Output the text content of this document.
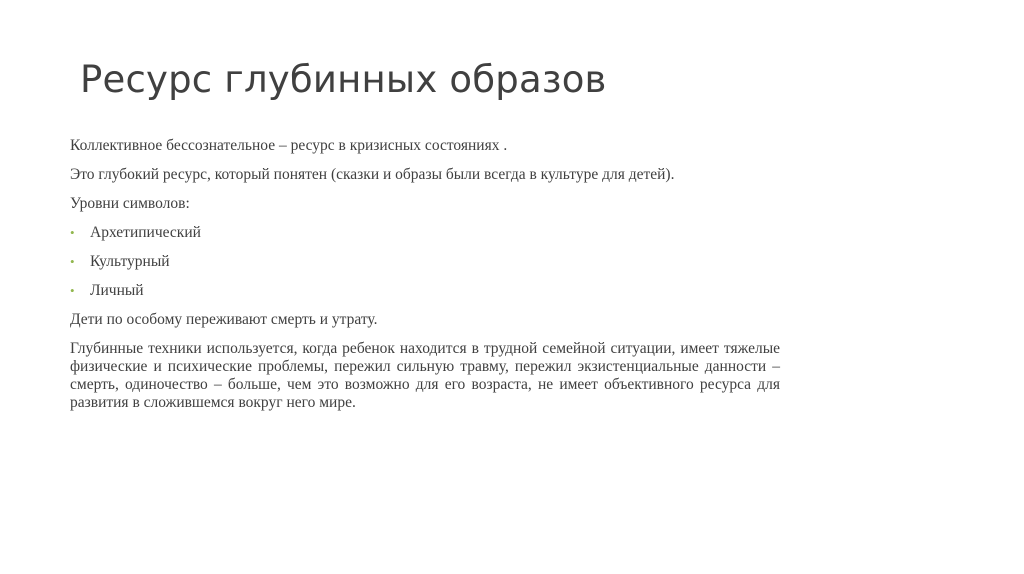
Ресурс глубинных образов

Коллективное бессознательное – ресурс в кризисных состояниях .

Это глубокий ресурс, который понятен (сказки и образы были всегда в культуре для детей).

Уровни символов:

• Архетипический
• Культурный
• Личный

Дети по особому переживают смерть и утрату.

Глубинные техники используется, когда ребенок находится в трудной семейной ситуации, имеет тяжелые физические и психические проблемы, пережил сильную травму, пережил экзистенциальные данности – смерть, одиночество – больше, чем это возможно для его возраста, не имеет объективного ресурса для развития в сложившемся вокруг него мире.
